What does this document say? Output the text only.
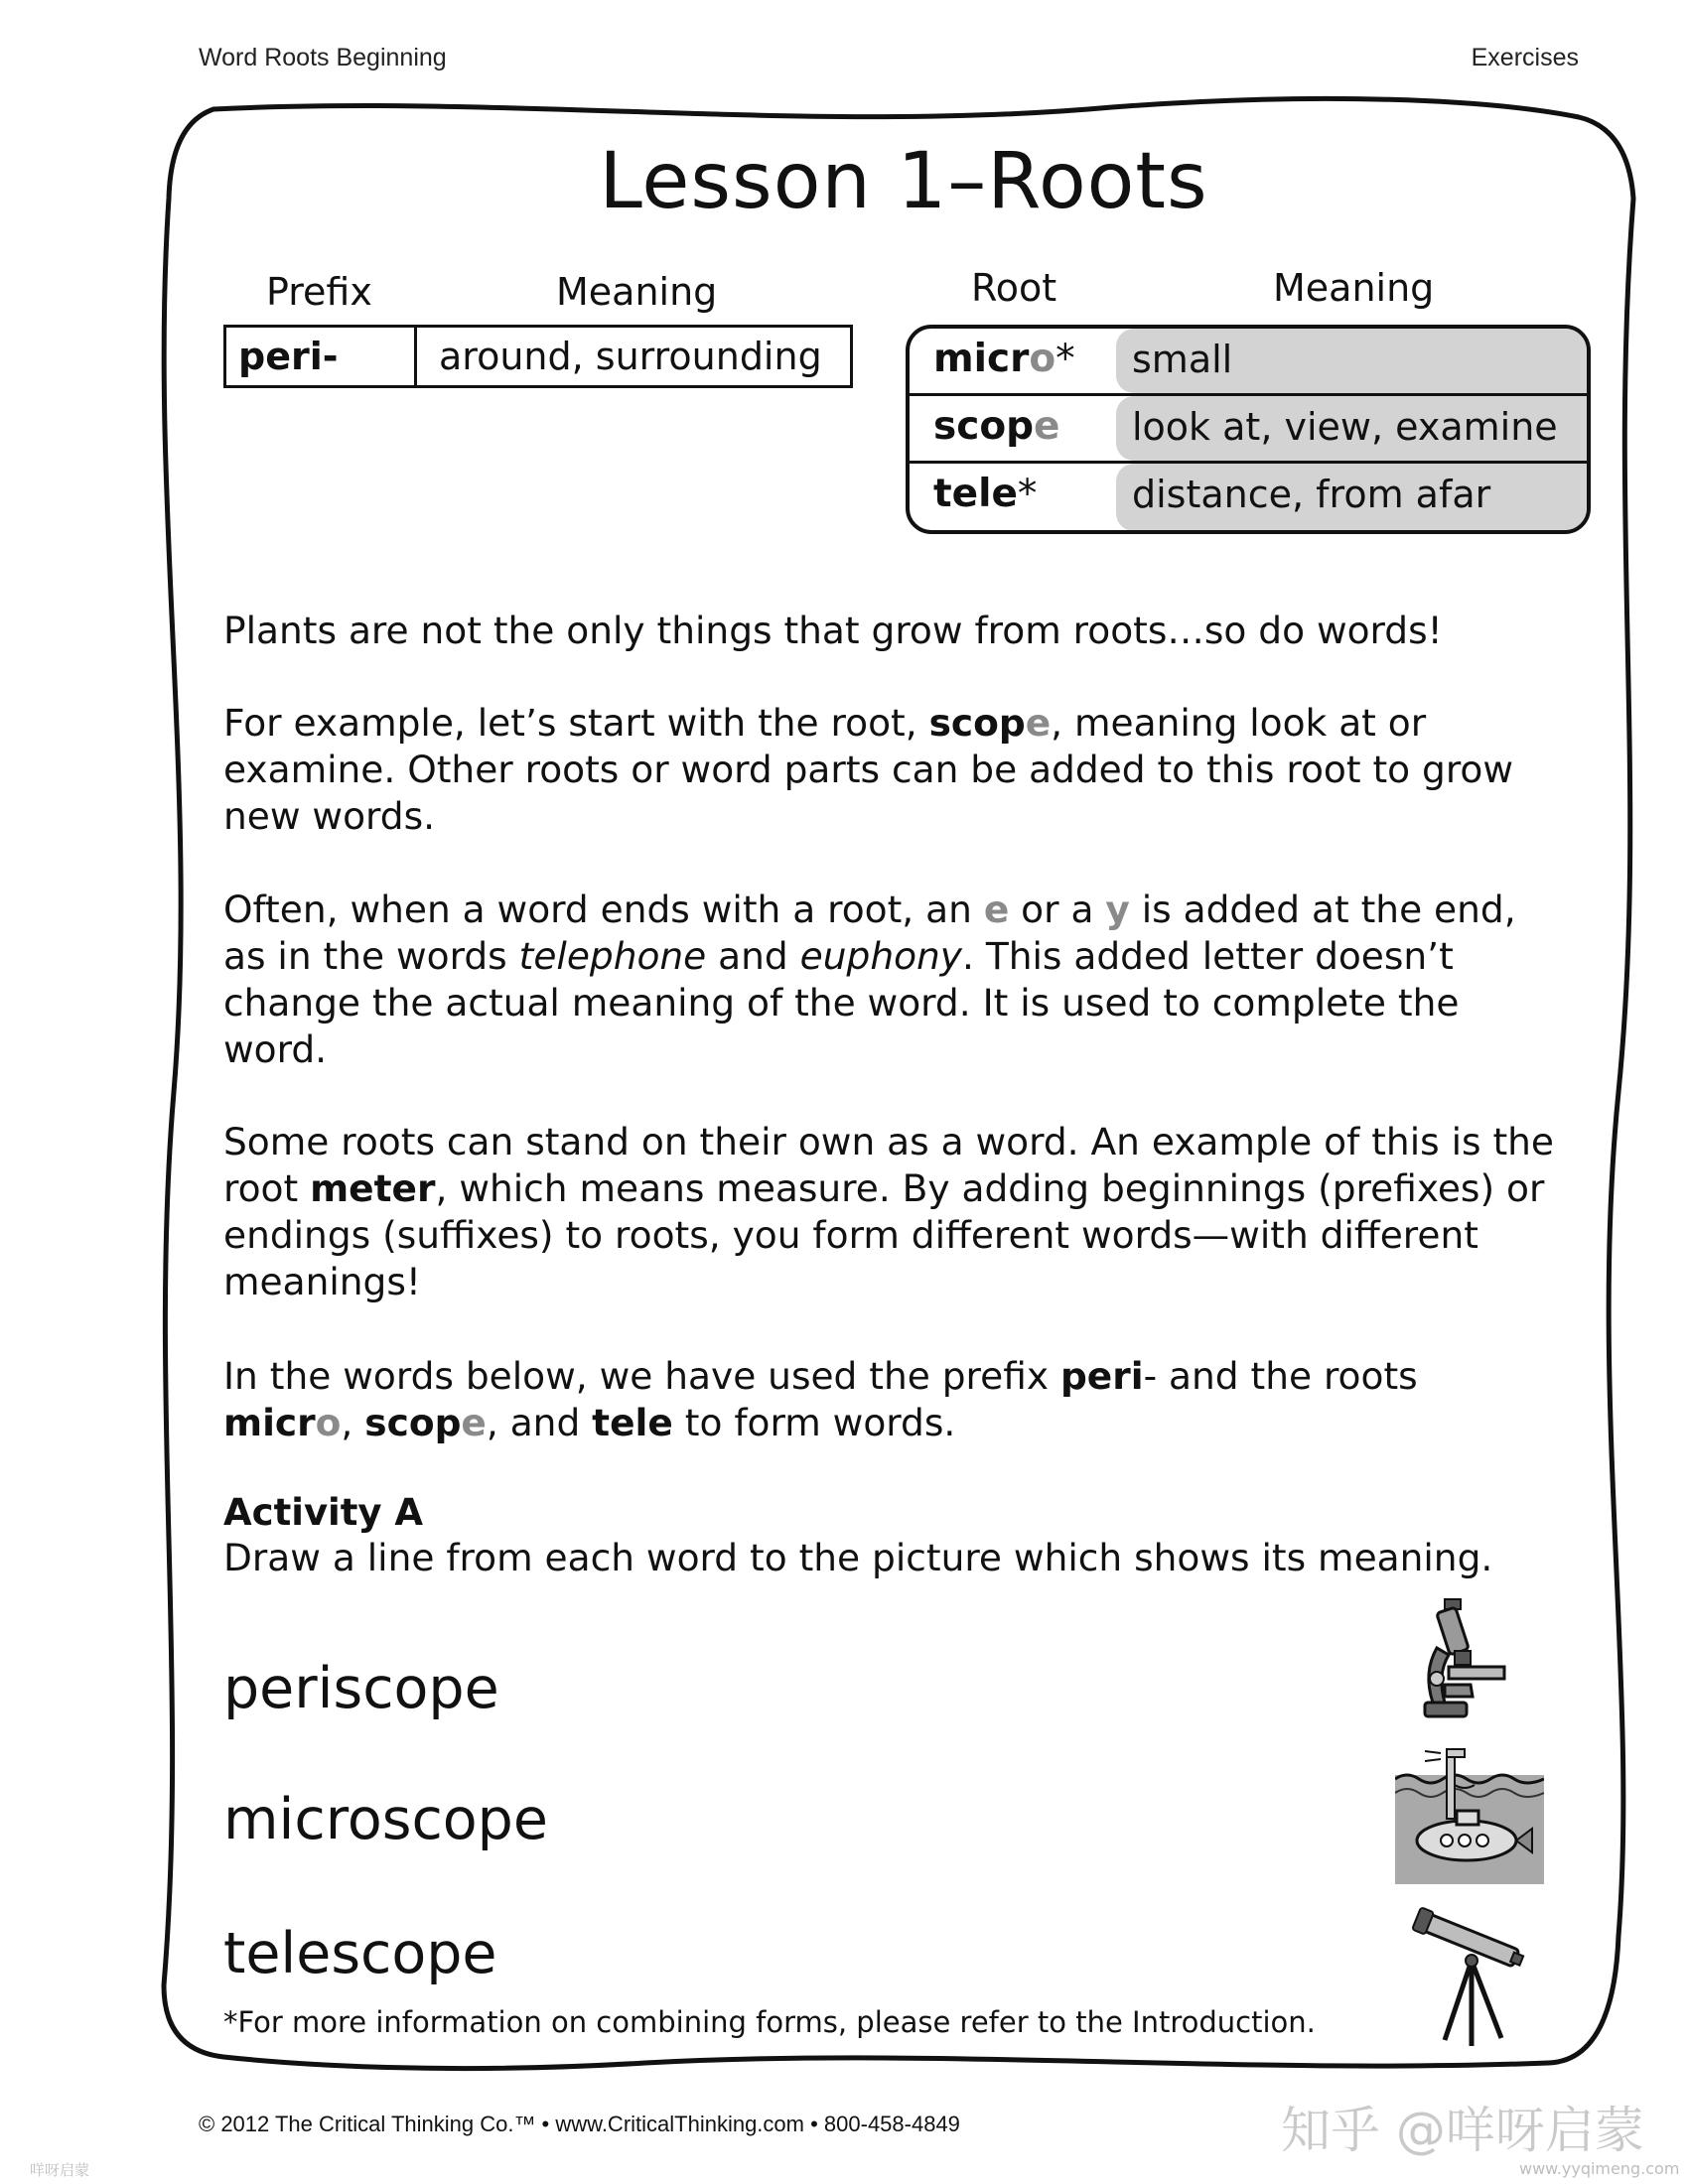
Word Roots Beginning	Exercises
Lesson 1–Roots
Prefix	Meaning
peri-	around, surrounding
Root	Meaning
micro*	small
scope	look at, view, examine
tele*	distance, from afar

Plants are not the only things that grow from roots…so do words!

For example, let’s start with the root, scope, meaning look at or examine. Other roots or word parts can be added to this root to grow new words.

Often, when a word ends with a root, an e or a y is added at the end, as in the words telephone and euphony. This added letter doesn’t change the actual meaning of the word. It is used to complete the word.

Some roots can stand on their own as a word. An example of this is the root meter, which means measure. By adding beginnings (prefixes) or endings (suffixes) to roots, you form different words—with different meanings!

In the words below, we have used the prefix peri- and the roots micro, scope, and tele to form words.

Activity A
Draw a line from each word to the picture which shows its meaning.
periscope
microscope
telescope
*For more information on combining forms, please refer to the Introduction.
© 2012 The Critical Thinking Co.™ • www.CriticalThinking.com • 800-458-4849	知乎 @咩呀启蒙
www.yyqimeng.com
咩呀启蒙
